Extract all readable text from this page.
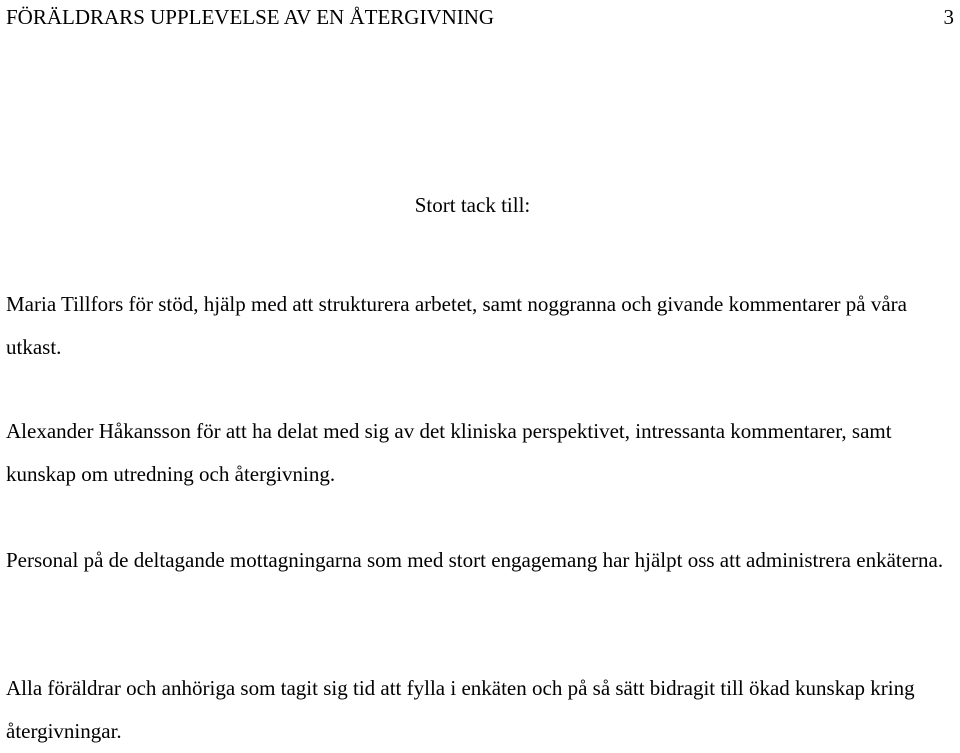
FÖRÄLDRARS UPPLEVELSE AV EN ÅTERGIVNING	3
Stort tack till:

Maria Tillfors för stöd, hjälp med att strukturera arbetet, samt noggranna och givande kommentarer på våra utkast.

Alexander Håkansson för att ha delat med sig av det kliniska perspektivet, intressanta kommentarer, samt kunskap om utredning och återgivning.

Personal på de deltagande mottagningarna som med stort engagemang har hjälpt oss att administrera enkäterna.

Alla föräldrar och anhöriga som tagit sig tid att fylla i enkäten och på så sätt bidragit till ökad kunskap kring återgivningar.
